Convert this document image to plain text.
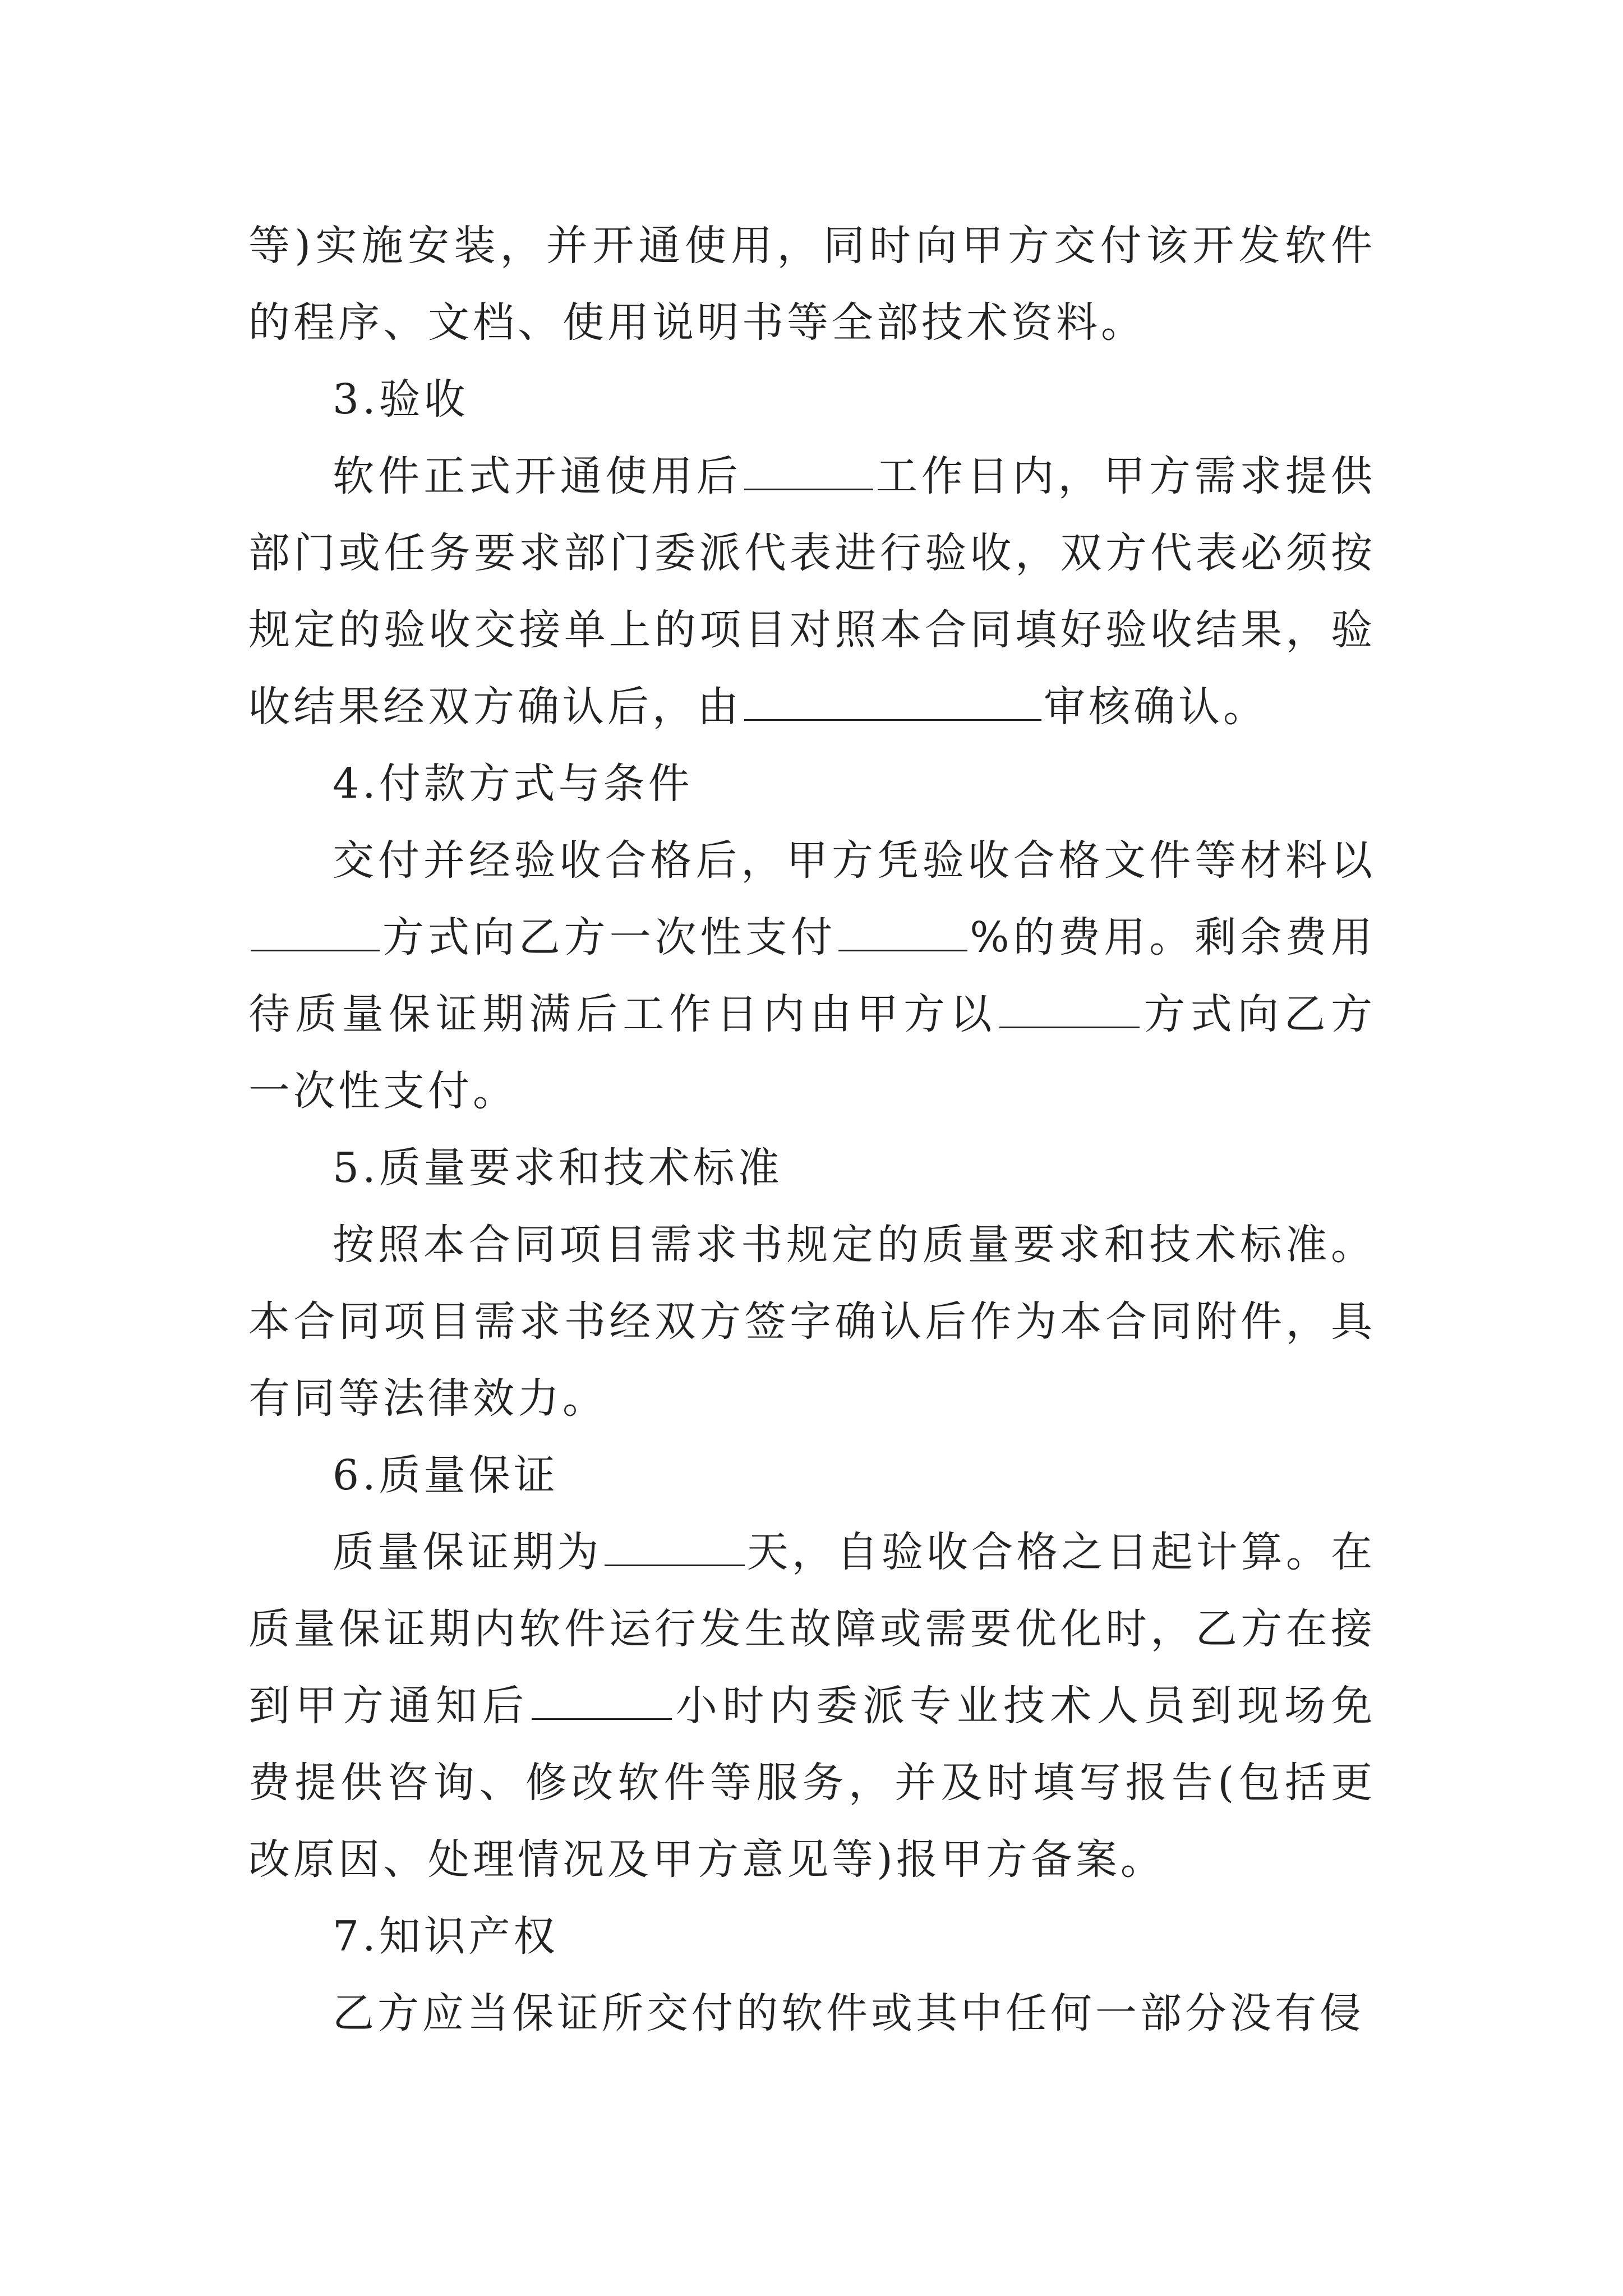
等)实施安装，并开通使用，同时向甲方交付该开发软件的程序、文档、使用说明书等全部技术资料。

3.验收

软件正式开通使用后	工作日内，甲方需求提供部门或任务要求部门委派代表进行验收，双方代表必须按规定的验收交接单上的项目对照本合同填好验收结果，验收结果经双方确认后，由	审核确认。

4.付款方式与条件

交付并经验收合格后，甲方凭验收合格文件等材料以方式向乙方一次性支付	%的费用。剩余费用待质量保证期满后工作日内由甲方以	方式向乙方一次性支付。

5.质量要求和技术标准

按照本合同项目需求书规定的质量要求和技术标准。本合同项目需求书经双方签字确认后作为本合同附件，具有同等法律效力。

6.质量保证

质量保证期为	天，自验收合格之日起计算。在质量保证期内软件运行发生故障或需要优化时，乙方在接到甲方通知后	小时内委派专业技术人员到现场免费提供咨询、修改软件等服务，并及时填写报告(包括更改原因、处理情况及甲方意见等)报甲方备案。

7.知识产权

乙方应当保证所交付的软件或其中任何一部分没有侵
